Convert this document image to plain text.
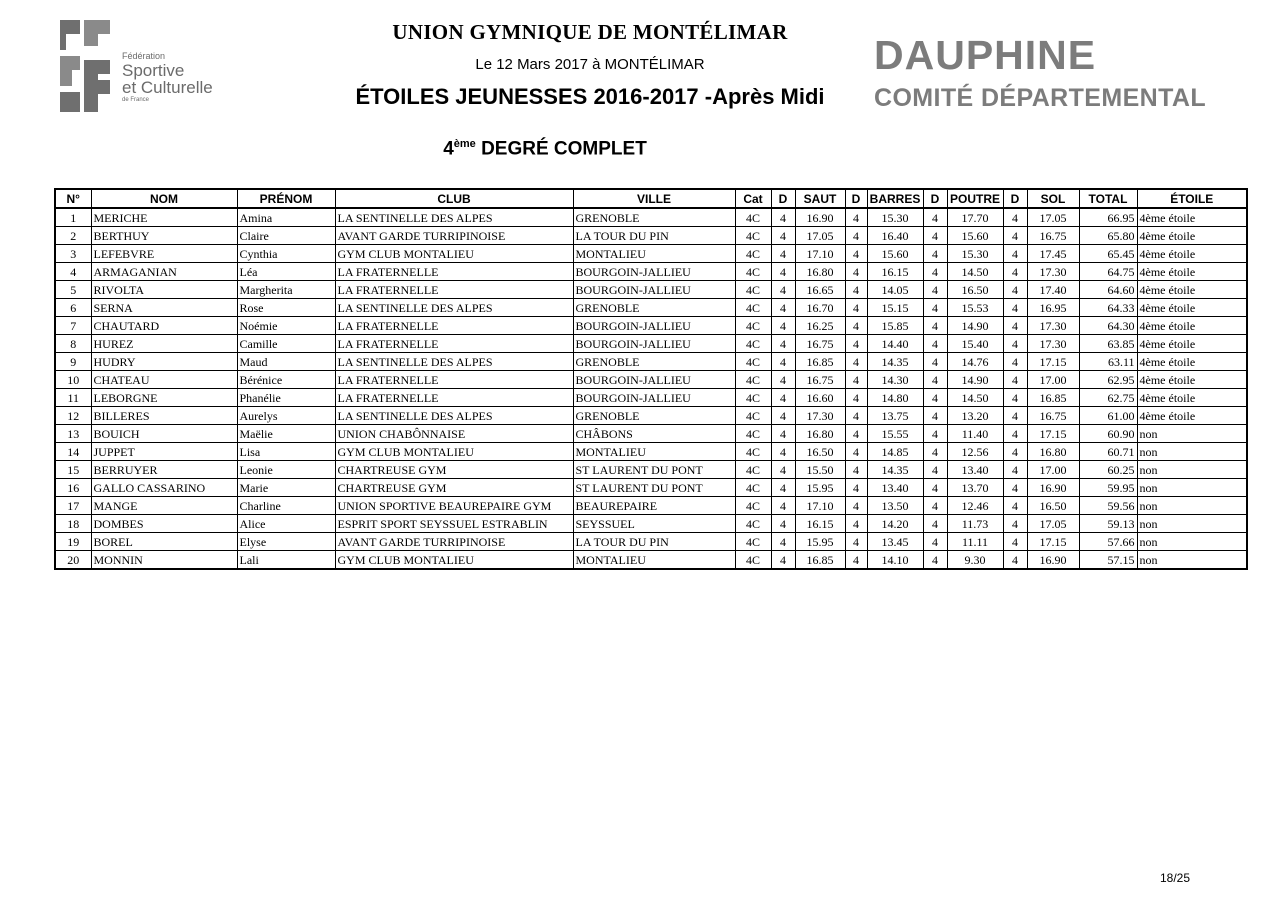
Fédération
Sportive
et Culturelle
de France
UNION GYMNIQUE DE MONTÉLIMAR
Le 12 Mars 2017 à MONTÉLIMAR
ÉTOILES JEUNESSES 2016-2017 -Après Midi
4ème DEGRÉ COMPLET
DAUPHINE
COMITÉ DÉPARTEMENTAL
N°	NOM	PRÉNOM	CLUB	VILLE	Cat	D	SAUT	D	BARRES	D	POUTRE	D	SOL	TOTAL	ÉTOILE
1	MERICHE	Amina	LA SENTINELLE DES ALPES	GRENOBLE	4C	4	16.90	4	15.30	4	17.70	4	17.05	66.95	4ème étoile
2	BERTHUY	Claire	AVANT GARDE TURRIPINOISE	LA TOUR DU PIN	4C	4	17.05	4	16.40	4	15.60	4	16.75	65.80	4ème étoile
3	LEFEBVRE	Cynthia	GYM CLUB MONTALIEU	MONTALIEU	4C	4	17.10	4	15.60	4	15.30	4	17.45	65.45	4ème étoile
4	ARMAGANIAN	Léa	LA FRATERNELLE	BOURGOIN-JALLIEU	4C	4	16.80	4	16.15	4	14.50	4	17.30	64.75	4ème étoile
5	RIVOLTA	Margherita	LA FRATERNELLE	BOURGOIN-JALLIEU	4C	4	16.65	4	14.05	4	16.50	4	17.40	64.60	4ème étoile
6	SERNA	Rose	LA SENTINELLE DES ALPES	GRENOBLE	4C	4	16.70	4	15.15	4	15.53	4	16.95	64.33	4ème étoile
7	CHAUTARD	Noémie	LA FRATERNELLE	BOURGOIN-JALLIEU	4C	4	16.25	4	15.85	4	14.90	4	17.30	64.30	4ème étoile
8	HUREZ	Camille	LA FRATERNELLE	BOURGOIN-JALLIEU	4C	4	16.75	4	14.40	4	15.40	4	17.30	63.85	4ème étoile
9	HUDRY	Maud	LA SENTINELLE DES ALPES	GRENOBLE	4C	4	16.85	4	14.35	4	14.76	4	17.15	63.11	4ème étoile
10	CHATEAU	Bérénice	LA FRATERNELLE	BOURGOIN-JALLIEU	4C	4	16.75	4	14.30	4	14.90	4	17.00	62.95	4ème étoile
11	LEBORGNE	Phanélie	LA FRATERNELLE	BOURGOIN-JALLIEU	4C	4	16.60	4	14.80	4	14.50	4	16.85	62.75	4ème étoile
12	BILLERES	Aurelys	LA SENTINELLE DES ALPES	GRENOBLE	4C	4	17.30	4	13.75	4	13.20	4	16.75	61.00	4ème étoile
13	BOUICH	Maëlie	UNION CHABÔNNAISE	CHÂBONS	4C	4	16.80	4	15.55	4	11.40	4	17.15	60.90	non
14	JUPPET	Lisa	GYM CLUB MONTALIEU	MONTALIEU	4C	4	16.50	4	14.85	4	12.56	4	16.80	60.71	non
15	BERRUYER	Leonie	CHARTREUSE GYM	ST LAURENT DU PONT	4C	4	15.50	4	14.35	4	13.40	4	17.00	60.25	non
16	GALLO CASSARINO	Marie	CHARTREUSE GYM	ST LAURENT DU PONT	4C	4	15.95	4	13.40	4	13.70	4	16.90	59.95	non
17	MANGE	Charline	UNION SPORTIVE BEAUREPAIRE GYM	BEAUREPAIRE	4C	4	17.10	4	13.50	4	12.46	4	16.50	59.56	non
18	DOMBES	Alice	ESPRIT SPORT SEYSSUEL ESTRABLIN	SEYSSUEL	4C	4	16.15	4	14.20	4	11.73	4	17.05	59.13	non
19	BOREL	Elyse	AVANT GARDE TURRIPINOISE	LA TOUR DU PIN	4C	4	15.95	4	13.45	4	11.11	4	17.15	57.66	non
20	MONNIN	Lali	GYM CLUB MONTALIEU	MONTALIEU	4C	4	16.85	4	14.10	4	9.30	4	16.90	57.15	non
18/25
